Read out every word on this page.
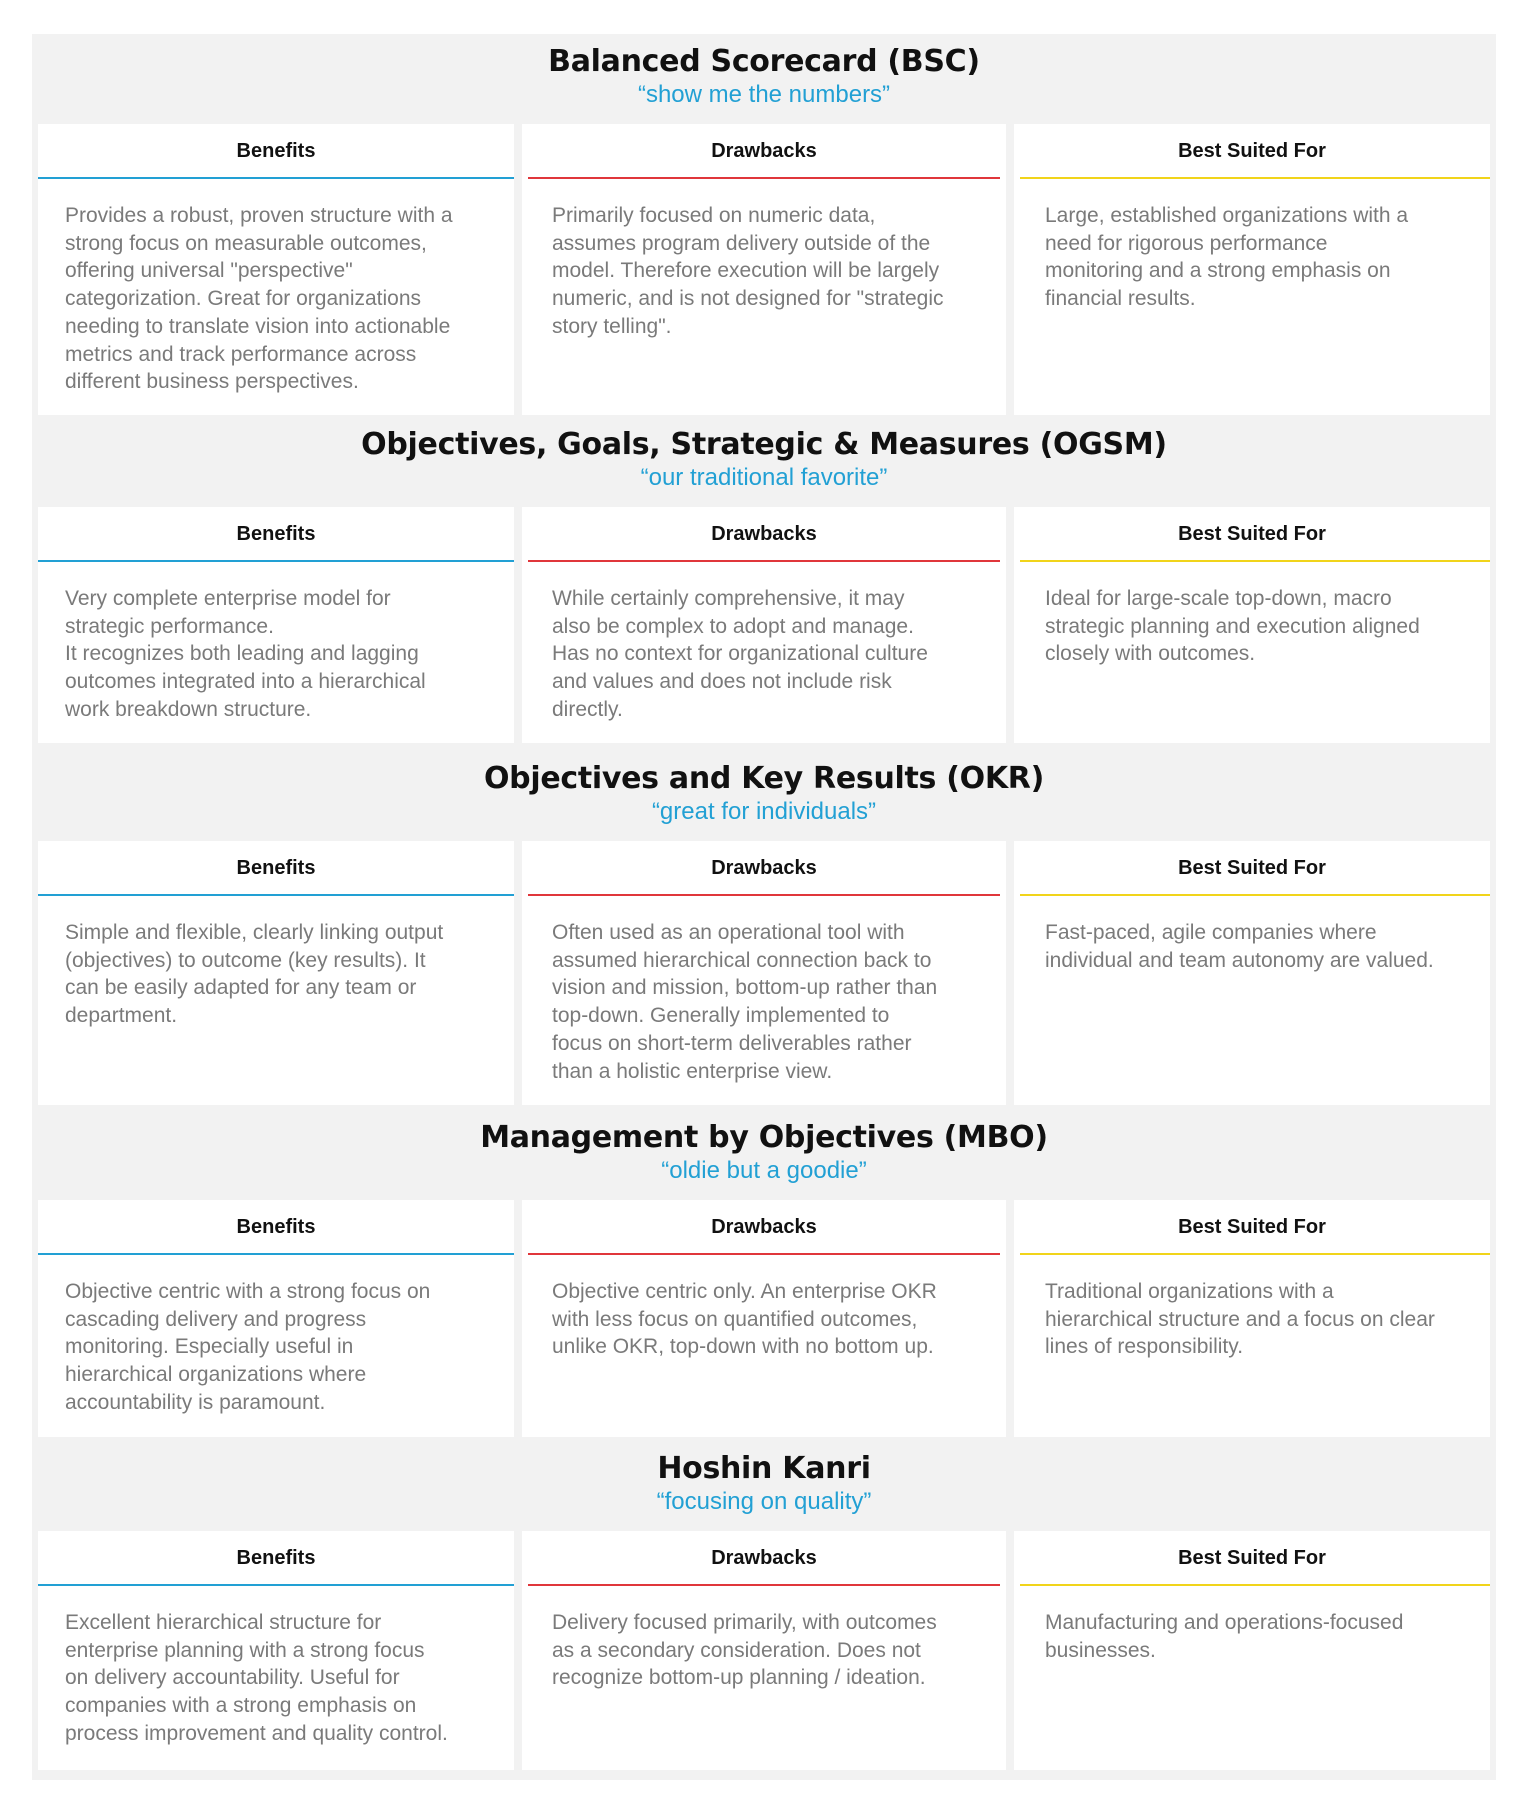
Balanced Scorecard (BSC)
“show me the numbers”
Benefits
Provides a robust, proven structure with a
strong focus on measurable outcomes,
offering universal "perspective"
categorization. Great for organizations
needing to translate vision into actionable
metrics and track performance across
different business perspectives.
Drawbacks
Primarily focused on numeric data,
assumes program delivery outside of the
model. Therefore execution will be largely
numeric, and is not designed for "strategic
story telling".
Best Suited For
Large, established organizations with a
need for rigorous performance
monitoring and a strong emphasis on
financial results.
Objectives, Goals, Strategic & Measures (OGSM)
“our traditional favorite”
Benefits
Very complete enterprise model for
strategic performance.
It recognizes both leading and lagging
outcomes integrated into a hierarchical
work breakdown structure.
Drawbacks
While certainly comprehensive, it may
also be complex to adopt and manage.
Has no context for organizational culture
and values and does not include risk
directly.
Best Suited For
Ideal for large-scale top-down, macro
strategic planning and execution aligned
closely with outcomes.
Objectives and Key Results (OKR)
“great for individuals”
Benefits
Simple and flexible, clearly linking output
(objectives) to outcome (key results). It
can be easily adapted for any team or
department.
Drawbacks
Often used as an operational tool with
assumed hierarchical connection back to
vision and mission, bottom-up rather than
top-down. Generally implemented to
focus on short-term deliverables rather
than a holistic enterprise view.
Best Suited For
Fast-paced, agile companies where
individual and team autonomy are valued.
Management by Objectives (MBO)
“oldie but a goodie”
Benefits
Objective centric with a strong focus on
cascading delivery and progress
monitoring. Especially useful in
hierarchical organizations where
accountability is paramount.
Drawbacks
Objective centric only. An enterprise OKR
with less focus on quantified outcomes,
unlike OKR, top-down with no bottom up.
Best Suited For
Traditional organizations with a
hierarchical structure and a focus on clear
lines of responsibility.
Hoshin Kanri
“focusing on quality”
Benefits
Excellent hierarchical structure for
enterprise planning with a strong focus
on delivery accountability. Useful for
companies with a strong emphasis on
process improvement and quality control.
Drawbacks
Delivery focused primarily, with outcomes
as a secondary consideration. Does not
recognize bottom-up planning / ideation.
Best Suited For
Manufacturing and operations-focused
businesses.
